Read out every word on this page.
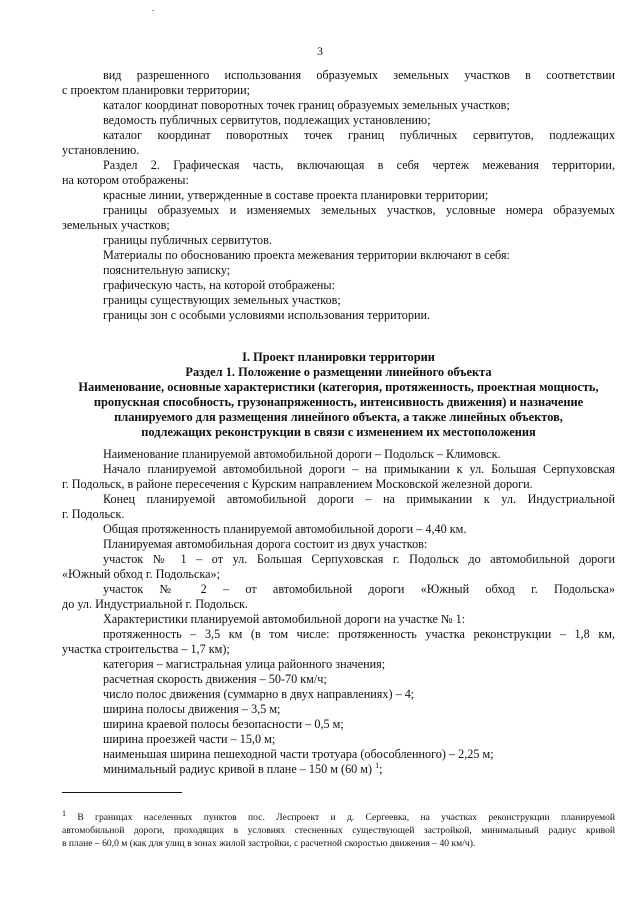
3
вид разрешенного использования образуемых земельных участков в соответствии
с проектом планировки территории;
каталог координат поворотных точек границ образуемых земельных участков;
ведомость публичных сервитутов, подлежащих установлению;
каталог координат поворотных точек границ публичных сервитутов, подлежащих
установлению.
Раздел 2. Графическая часть, включающая в себя чертеж межевания территории,
на котором отображены:
красные линии, утвержденные в составе проекта планировки территории;
границы образуемых и изменяемых земельных участков, условные номера образуемых
земельных участков;
границы публичных сервитутов.
Материалы по обоснованию проекта межевания территории включают в себя:
пояснительную записку;
графическую часть, на которой отображены:
границы существующих земельных участков;
границы зон с особыми условиями использования территории.
I. Проект планировки территории
Раздел 1. Положение о размещении линейного объекта
Наименование, основные характеристики (категория, протяженность, проектная мощность,
пропускная способность, грузонапряженность, интенсивность движения) и назначение
планируемого для размещения линейного объекта, а также линейных объектов,
подлежащих реконструкции в связи с изменением их местоположения
Наименование планируемой автомобильной дороги – Подольск – Климовск.
Начало планируемой автомобильной дороги – на примыкании к ул. Большая Серпуховская
г. Подольск, в районе пересечения с Курским направлением Московской железной дороги.
Конец планируемой автомобильной дороги – на примыкании к ул. Индустриальной
г. Подольск.
Общая протяженность планируемой автомобильной дороги – 4,40 км.
Планируемая автомобильная дорога состоит из двух участков:
участок № 1 – от ул. Большая Серпуховская г. Подольск до автомобильной дороги
«Южный обход г. Подольска»;
участок № 2 – от автомобильной дороги «Южный обход г. Подольска»
до ул. Индустриальной г. Подольск.
Характеристики планируемой автомобильной дороги на участке № 1:
протяженность – 3,5 км (в том числе: протяженность участка реконструкции – 1,8 км,
участка строительства – 1,7 км);
категория – магистральная улица районного значения;
расчетная скорость движения – 50-70 км/ч;
число полос движения (суммарно в двух направлениях) – 4;
ширина полосы движения – 3,5 м;
ширина краевой полосы безопасности – 0,5 м;
ширина проезжей части – 15,0 м;
наименьшая ширина пешеходной части тротуара (обособленного) – 2,25 м;
минимальный радиус кривой в плане – 150 м (60 м) $^1$;
$^1$ В границах населенных пунктов пос. Леспроект и д. Сергеевка, на участках реконструкции планируемой
автомобильной дороги, проходящих в условиях стесненных существующей застройкой, минимальный радиус кривой
в плане – 60,0 м (как для улиц в зонах жилой застройки, с расчетной скоростью движения – 40 км/ч).
